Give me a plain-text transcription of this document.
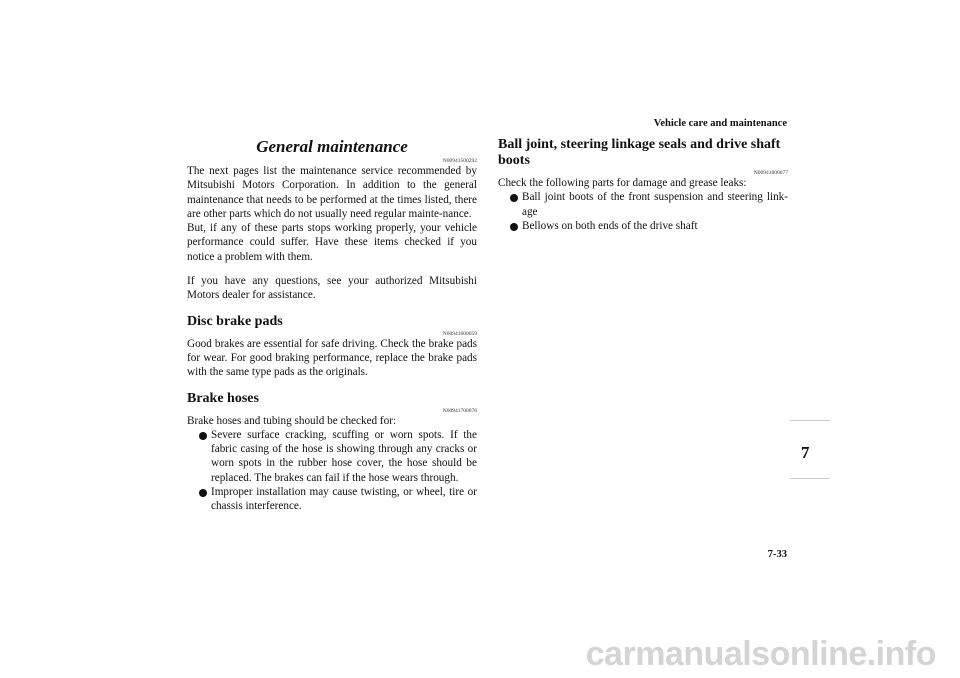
Vehicle care and maintenance
General maintenance
N00941500292

The next pages list the maintenance service recommended by Mitsubishi Motors Corporation. In addition to the general maintenance that needs to be performed at the times listed, there are other parts which do not usually need regular mainte-nance.

But, if any of these parts stops working properly, your vehicle performance could suffer. Have these items checked if you notice a problem with them.

If you have any questions, see your authorized Mitsubishi Motors dealer for assistance.

Disc brake pads
N00941600059

Good brakes are essential for safe driving. Check the brake pads for wear. For good braking performance, replace the brake pads with the same type pads as the originals.

Brake hoses
N00941700076

Brake hoses and tubing should be checked for:

Severe surface cracking, scuffing or worn spots. If the fabric casing of the hose is showing through any cracks or worn spots in the rubber hose cover, the hose should be replaced. The brakes can fail if the hose wears through.
Improper installation may cause twisting, or wheel, tire or chassis interference.
Ball joint, steering linkage seals and drive shaft boots
N00941800077

Check the following parts for damage and grease leaks:

Ball joint boots of the front suspension and steering link-age
Bellows on both ends of the drive shaft
7
7-33
carmanualsonline.info
